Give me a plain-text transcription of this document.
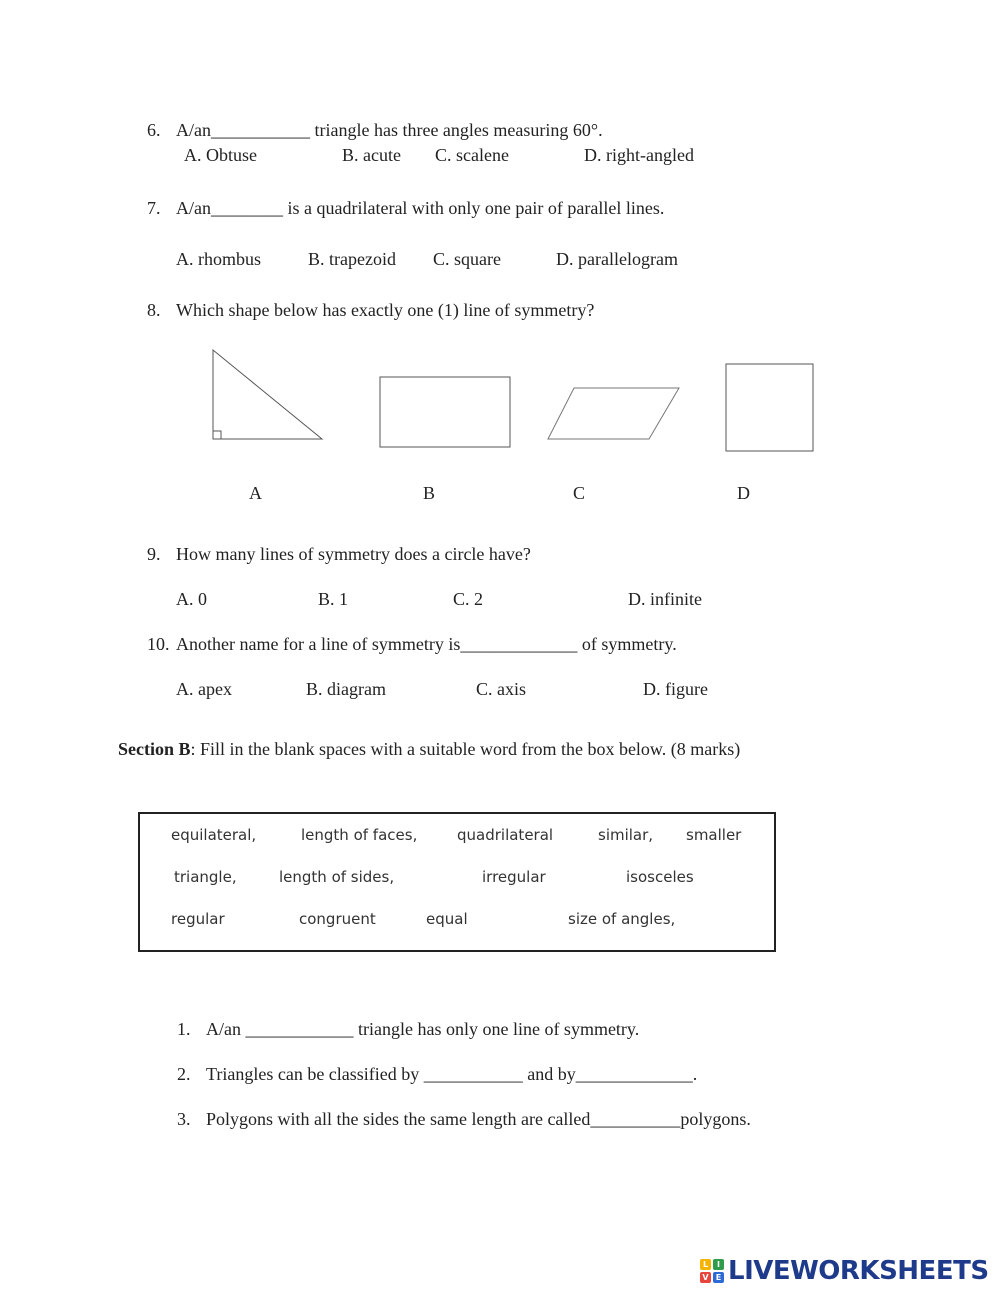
6. A/an___________ triangle has three angles measuring 60°.
A. Obtuse	B. acute C. scalene	D. right-angled
7. A/an________ is a quadrilateral with only one pair of parallel lines.
A. rhombus	B. trapezoid C. square	D. parallelogram
8. Which shape below has exactly one (1) line of symmetry?
A	B	C	D
9. How many lines of symmetry does a circle have?
A. 0	B. 1	C. 2	D. infinite
10. Another name for a line of symmetry is_____________ of symmetry.
A. apex	B. diagram	C. axis	D. figure
Section B: Fill in the blank spaces with a suitable word from the box below. (8 marks)
equilateral,	length of faces,	quadrilateral	similar, smaller
triangle,	length of sides,	irregular	isosceles
regular	congruent	equal	size of angles,
1. A/an ____________ triangle has only one line of symmetry.
2. Triangles can be classified by ___________ and by_____________.
3. Polygons with all the sides the same length are called__________polygons.
L	I
V E LIVEWORKSHEETS
